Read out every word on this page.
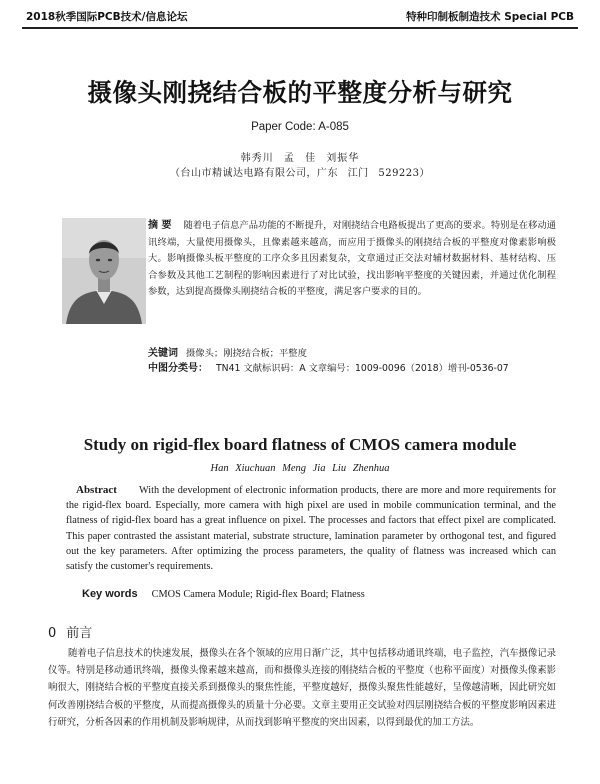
2018秋季国际PCB技术/信息论坛	特种印制板制造技术 Special PCB
摄像头刚挠结合板的平整度分析与研究
Paper Code: A-085
韩秀川 孟 佳 刘振华
（台山市精诚达电路有限公司，广东 江门 529223）
摘 要 随着电子信息产品功能的不断提升，对刚挠结合电路板提出了更高的要求。特别是在移动通讯终端，大量使用摄像头，且像素越来越高，而应用于摄像头的刚挠结合板的平整度对像素影响极大。影响摄像头板平整度的工序众多且因素复杂，文章通过正交法对辅材数据材料、基材结构、压合参数及其他工艺制程的影响因素进行了对比试验，找出影响平整度的关键因素，并通过优化制程参数，达到提高摄像头刚挠结合板的平整度，满足客户要求的目的。
关键词 摄像头；刚挠结合板；平整度
中图分类号： TN41 文献标识码：A 文章编号：1009-0096（2018）增刊-0536-07
Study on rigid-flex board flatness of CMOS camera module
Han Xiuchuan Meng Jia Liu Zhenhua
Abstract With the development of electronic information products, there are more and more requirements for the rigid-flex board. Especially, more camera with high pixel are used in mobile communication terminal, and the flatness of rigid-flex board has a great influence on pixel. The processes and factors that effect pixel are complicated. This paper contrasted the assistant material, substrate structure, lamination parameter by orthogonal test, and figured out the key parameters. After optimizing the process parameters, the quality of flatness was increased which can satisfy the customer's requirements.
Key words CMOS Camera Module; Rigid-flex Board; Flatness
0 前言
随着电子信息技术的快速发展，摄像头在各个领域的应用日渐广泛，其中包括移动通讯终端，电子监控，汽车摄像记录仪等。特别是移动通讯终端，摄像头像素越来越高，而和摄像头连接的刚挠结合板的平整度（也称平面度）对摄像头像素影响很大，刚挠结合板的平整度直接关系到摄像头的聚焦性能，平整度越好，摄像头聚焦性能越好，呈像越清晰，因此研究如何改善刚挠结合板的平整度，从而提高摄像头的质量十分必要。文章主要用正交试验对四层刚挠结合板的平整度影响因素进行研究，分析各因素的作用机制及影响规律，从而找到影响平整度的突出因素，以得到最优的加工方法。
